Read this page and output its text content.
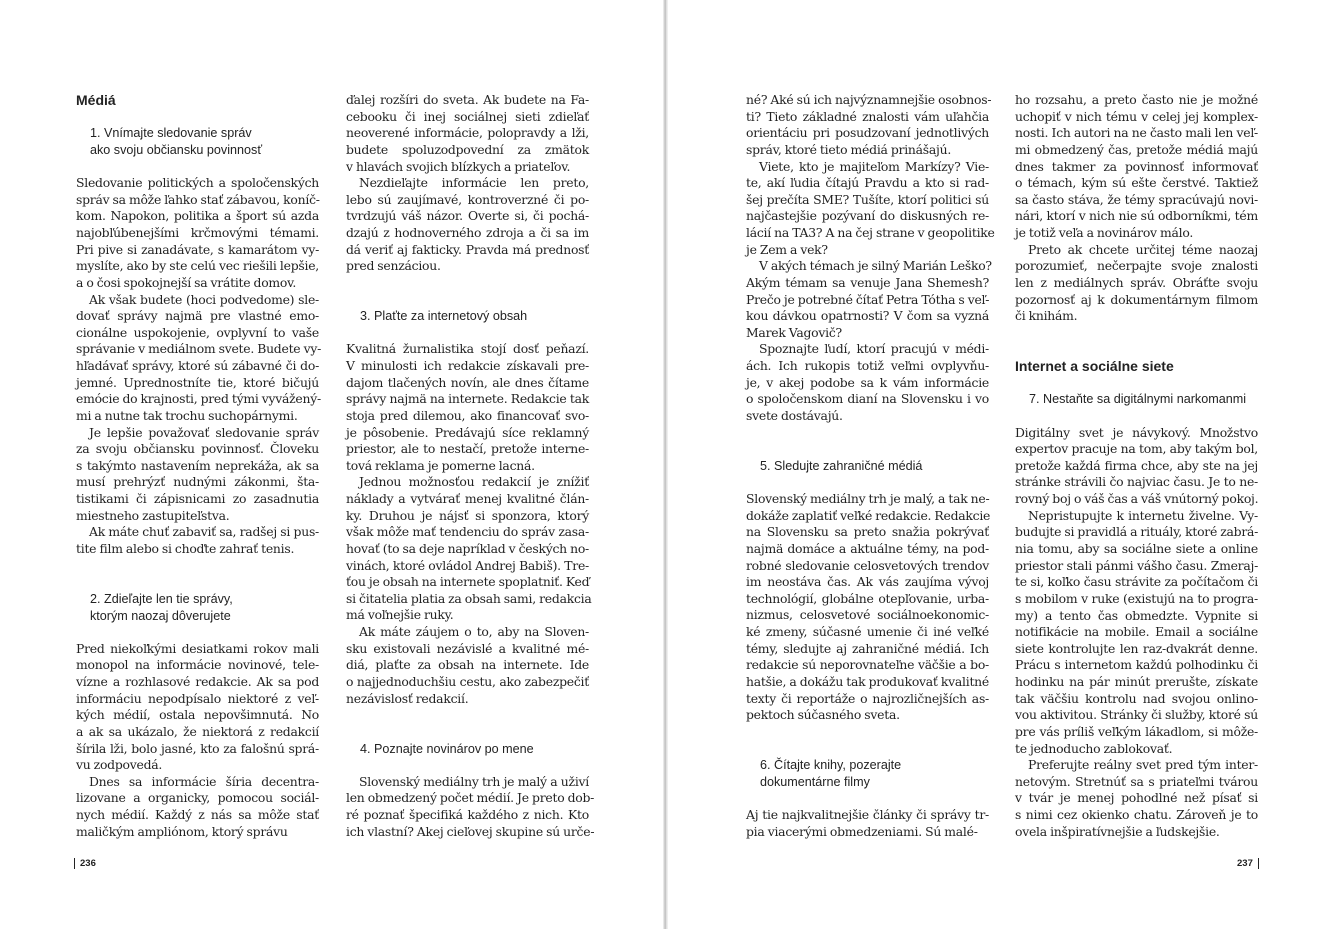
Médiá
1. Vnímajte sledovanie správ
ako svoju občiansku povinnosť
Sledovanie politických a spoločenských
správ sa môže ľahko stať zábavou, koníč-
kom. Napokon, politika a šport sú azda
najobľúbenejšími krčmovými témami.
Pri pive si zanadávate, s kamarátom vy-
myslíte, ako by ste celú vec riešili lepšie,
a o čosi spokojnejší sa vrátite domov.
Ak však budete (hoci podvedome) sle-
dovať správy najmä pre vlastné emo-
cionálne uspokojenie, ovplyvní to vaše
správanie v mediálnom svete. Budete vy-
hľadávať správy, ktoré sú zábavné či do-
jemné. Uprednostníte tie, ktoré bičujú
emócie do krajnosti, pred tými vyvážený-
mi a nutne tak trochu suchopárnymi.
Je lepšie považovať sledovanie správ
za svoju občiansku povinnosť. Človeku
s takýmto nastavením neprekáža, ak sa
musí prehrýzť nudnými zákonmi, šta-
tistikami či zápisnicami zo zasadnutia
miestneho zastupiteľstva.
Ak máte chuť zabaviť sa, radšej si pus-
tite film alebo si choďte zahrať tenis.
2. Zdieľajte len tie správy,
ktorým naozaj dôverujete
Pred niekoľkými desiatkami rokov mali
monopol na informácie novinové, tele-
vízne a rozhlasové redakcie. Ak sa pod
informáciu nepodpísalo niektoré z veľ-
kých médií, ostala nepovšimnutá. No
a ak sa ukázalo, že niektorá z redakcií
šírila lži, bolo jasné, kto za falošnú sprá-
vu zodpovedá.
Dnes sa informácie šíria decentra-
lizovane a organicky, pomocou sociál-
nych médií. Každý z nás sa môže stať
maličkým ampliónom, ktorý správu
ďalej rozšíri do sveta. Ak budete na Fa-
cebooku či inej sociálnej sieti zdieľať
neoverené informácie, polopravdy a lži,
budete spoluzodpovední za zmätok
v hlavách svojich blízkych a priateľov.
Nezdieľajte informácie len preto,
lebo sú zaujímavé, kontroverzné či po-
tvrdzujú váš názor. Overte si, či pochá-
dzajú z hodnoverného zdroja a či sa im
dá veriť aj fakticky. Pravda má prednosť
pred senzáciou.
3. Plaťte za internetový obsah
Kvalitná žurnalistika stojí dosť peňazí.
V minulosti ich redakcie získavali pre-
dajom tlačených novín, ale dnes čítame
správy najmä na internete. Redakcie tak
stoja pred dilemou, ako financovať svo-
je pôsobenie. Predávajú síce reklamný
priestor, ale to nestačí, pretože interne-
tová reklama je pomerne lacná.
Jednou možnosťou redakcií je znížiť
náklady a vytvárať menej kvalitné člán-
ky. Druhou je nájsť si sponzora, ktorý
však môže mať tendenciu do správ zasa-
hovať (to sa deje napríklad v českých no-
vinách, ktoré ovládol Andrej Babiš). Tre-
ťou je obsah na internete spoplatniť. Keď
si čitatelia platia za obsah sami, redakcia
má voľnejšie ruky.
Ak máte záujem o to, aby na Sloven-
sku existovali nezávislé a kvalitné mé-
diá, plaťte za obsah na internete. Ide
o najjednoduchšiu cestu, ako zabezpečiť
nezávislosť redakcií.
4. Poznajte novinárov po mene
Slovenský mediálny trh je malý a uživí
len obmedzený počet médií. Je preto dob-
ré poznať špecifiká každého z nich. Kto
ich vlastní? Akej cieľovej skupine sú urče-
né? Aké sú ich najvýznamnejšie osobnos-
ti? Tieto základné znalosti vám uľahčia
orientáciu pri posudzovaní jednotlivých
správ, ktoré tieto médiá prinášajú.
Viete, kto je majiteľom Markízy? Vie-
te, akí ľudia čítajú Pravdu a kto si rad-
šej prečíta SME? Tušíte, ktorí politici sú
najčastejšie pozývaní do diskusných re-
lácií na TA3? A na čej strane v geopolitike
je Zem a vek?
V akých témach je silný Marián Leško?
Akým témam sa venuje Jana Shemesh?
Prečo je potrebné čítať Petra Tótha s veľ-
kou dávkou opatrnosti? V čom sa vyzná
Marek Vagovič?
Spoznajte ľudí, ktorí pracujú v médi-
ách. Ich rukopis totiž veľmi ovplyvňu-
je, v akej podobe sa k vám informácie
o spoločenskom dianí na Slovensku i vo
svete dostávajú.
5. Sledujte zahraničné médiá
Slovenský mediálny trh je malý, a tak ne-
dokáže zaplatiť veľké redakcie. Redakcie
na Slovensku sa preto snažia pokrývať
najmä domáce a aktuálne témy, na pod-
robné sledovanie celosvetových trendov
im neostáva čas. Ak vás zaujíma vývoj
technológií, globálne otepľovanie, urba-
nizmus, celosvetové sociálnoekonomic-
ké zmeny, súčasné umenie či iné veľké
témy, sledujte aj zahraničné médiá. Ich
redakcie sú neporovnateľne väčšie a bo-
hatšie, a dokážu tak produkovať kvalitné
texty či reportáže o najrozličnejších as-
pektoch súčasného sveta.
6. Čítajte knihy, pozerajte
dokumentárne filmy
Aj tie najkvalitnejšie články či správy tr-
pia viacerými obmedzeniami. Sú malé-
ho rozsahu, a preto často nie je možné
uchopiť v nich tému v celej jej komplex-
nosti. Ich autori na ne často mali len veľ-
mi obmedzený čas, pretože médiá majú
dnes takmer za povinnosť informovať
o témach, kým sú ešte čerstvé. Taktiež
sa často stáva, že témy spracúvajú novi-
nári, ktorí v nich nie sú odborníkmi, tém
je totiž veľa a novinárov málo.
Preto ak chcete určitej téme naozaj
porozumieť, nečerpajte svoje znalosti
len z mediálnych správ. Obráťte svoju
pozornosť aj k dokumentárnym filmom
či knihám.
Internet a sociálne siete
7. Nestaňte sa digitálnymi narkomanmi
Digitálny svet je návykový. Množstvo
expertov pracuje na tom, aby takým bol,
pretože každá firma chce, aby ste na jej
stránke strávili čo najviac času. Je to ne-
rovný boj o váš čas a váš vnútorný pokoj.
Nepristupujte k internetu živelne. Vy-
budujte si pravidlá a rituály, ktoré zabrá-
nia tomu, aby sa sociálne siete a online
priestor stali pánmi vášho času. Zmeraj-
te si, koľko času strávite za počítačom či
s mobilom v ruke (existujú na to progra-
my) a tento čas obmedzte. Vypnite si
notifikácie na mobile. Email a sociálne
siete kontrolujte len raz-dvakrát denne.
Prácu s internetom každú polhodinku či
hodinku na pár minút prerušte, získate
tak väčšiu kontrolu nad svojou onlino-
vou aktivitou. Stránky či služby, ktoré sú
pre vás príliš veľkým lákadlom, si môže-
te jednoducho zablokovať.
Preferujte reálny svet pred tým inter-
netovým. Stretnúť sa s priateľmi tvárou
v tvár je menej pohodlné než písať si
s nimi cez okienko chatu. Zároveň je to
ovela inšpiratívnejšie a ľudskejšie.
236	237
